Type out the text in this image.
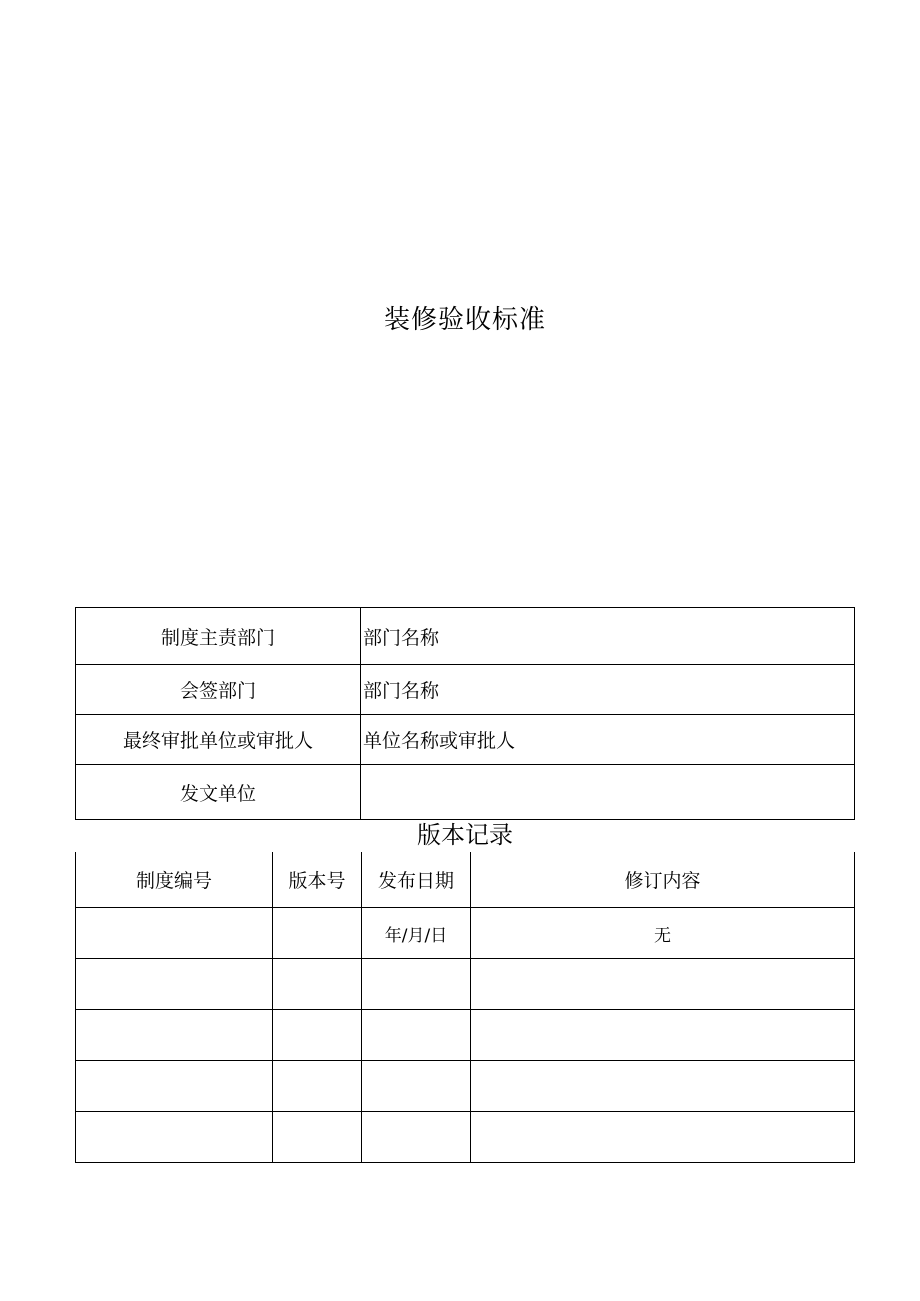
装修验收标准
制度主责部门	部门名称
会签部门	部门名称
最终审批单位或审批人	单位名称或审批人
发文单位	
版本记录
制度编号	版本号	发布日期	修订内容
		年/月/日	无
